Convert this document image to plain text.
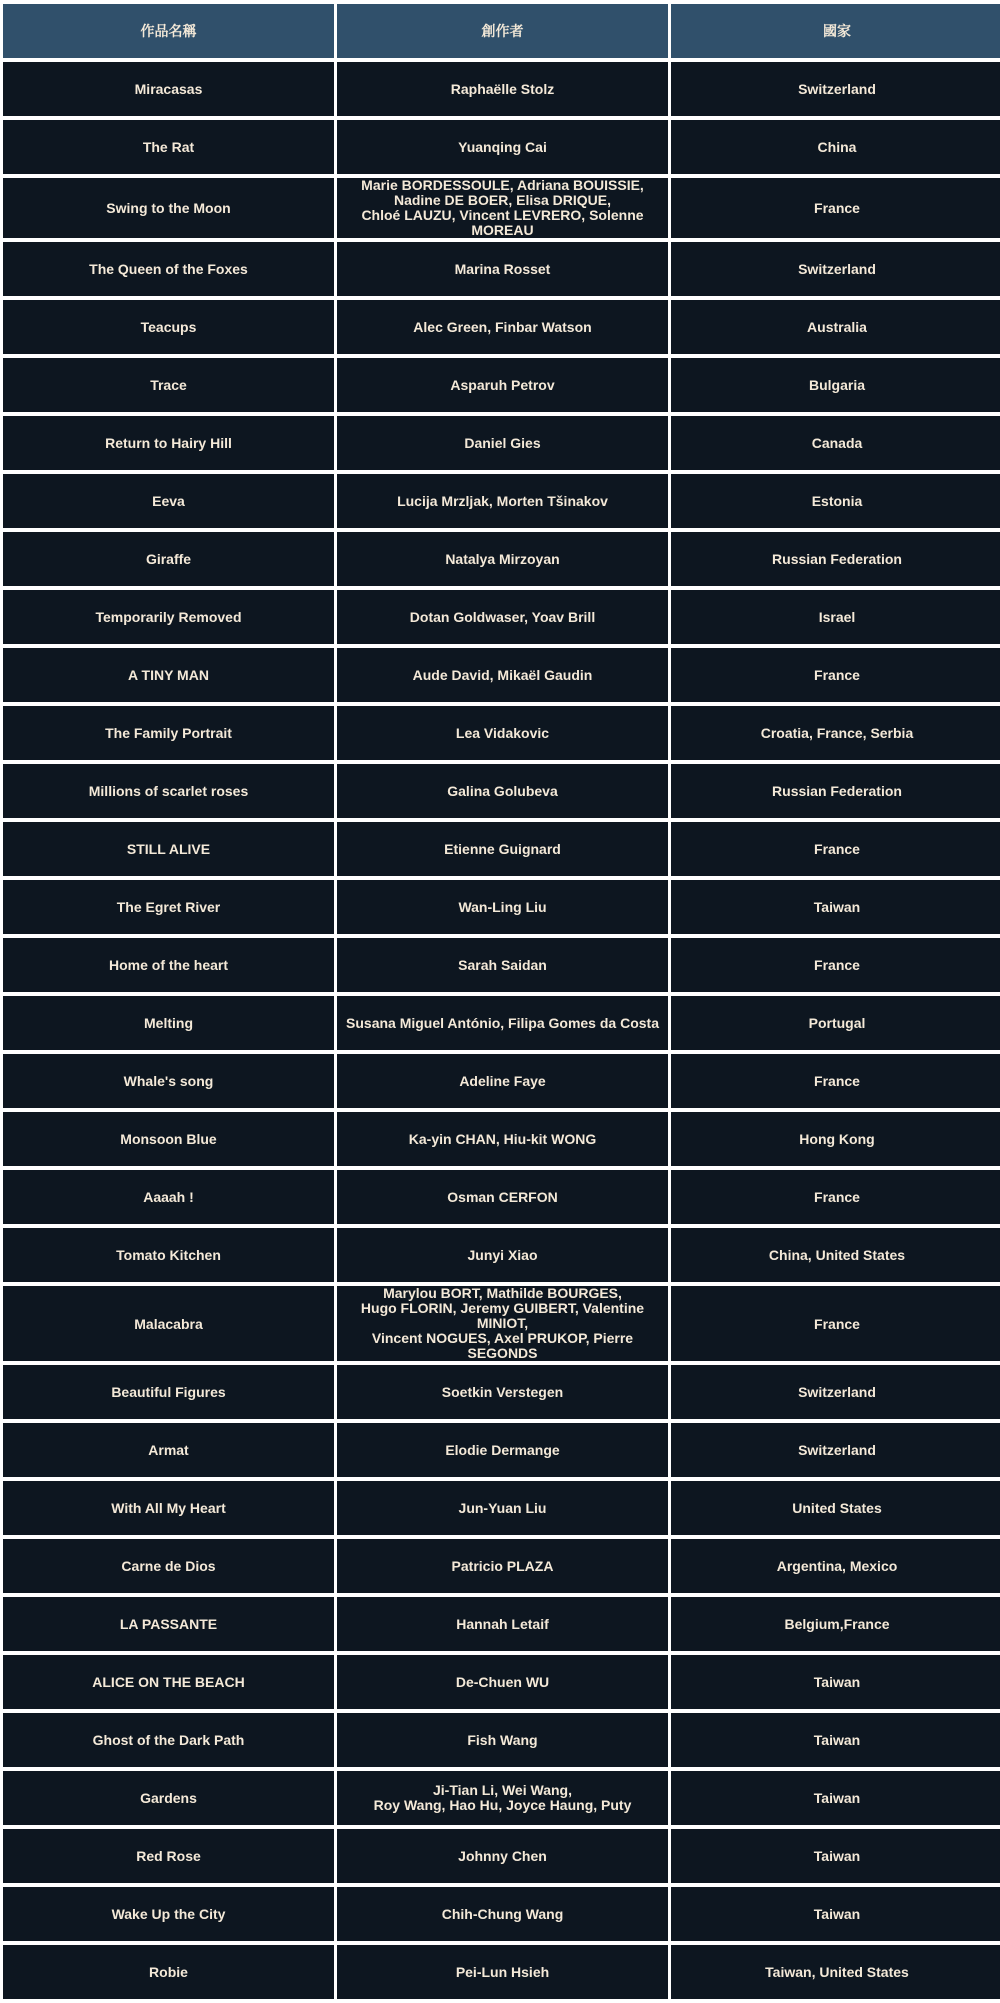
作品名稱	創作者	國家
Miracasas	Raphaëlle Stolz	Switzerland
The Rat	Yuanqing Cai	China
Swing to the Moon	Marie BORDESSOULE, Adriana BOUISSIE,
Nadine DE BOER, Elisa DRIQUE,
Chloé LAUZU, Vincent LEVRERO, Solenne MOREAU	France
The Queen of the Foxes	Marina Rosset	Switzerland
Teacups	Alec Green, Finbar Watson	Australia
Trace	Asparuh Petrov	Bulgaria
Return to Hairy Hill	Daniel Gies	Canada
Eeva	Lucija Mrzljak, Morten Tšinakov	Estonia
Giraffe	Natalya Mirzoyan	Russian Federation
Temporarily Removed	Dotan Goldwaser, Yoav Brill	Israel
A TINY MAN	Aude David, Mikaël Gaudin	France
The Family Portrait	Lea Vidakovic	Croatia, France, Serbia
Millions of scarlet roses	Galina Golubeva	Russian Federation
STILL ALIVE	Etienne Guignard	France
The Egret River	Wan-Ling Liu	Taiwan
Home of the heart	Sarah Saidan	France
Melting	Susana Miguel António, Filipa Gomes da Costa	Portugal
Whale's song	Adeline Faye	France
Monsoon Blue	Ka-yin CHAN, Hiu-kit WONG	Hong Kong
Aaaah !	Osman CERFON	France
Tomato Kitchen	Junyi Xiao	China, United States
Malacabra	Marylou BORT, Mathilde BOURGES,
Hugo FLORIN, Jeremy GUIBERT, Valentine MINIOT,
Vincent NOGUES, Axel PRUKOP, Pierre SEGONDS	France
Beautiful Figures	Soetkin Verstegen	Switzerland
Armat	Elodie Dermange	Switzerland
With All My Heart	Jun-Yuan Liu	United States
Carne de Dios	Patricio PLAZA	Argentina, Mexico
LA PASSANTE	Hannah Letaif	Belgium,France
ALICE ON THE BEACH	De-Chuen WU	Taiwan
Ghost of the Dark Path	Fish Wang	Taiwan
Gardens	Ji-Tian Li, Wei Wang,
Roy Wang, Hao Hu, Joyce Haung, Puty	Taiwan
Red Rose	Johnny Chen	Taiwan
Wake Up the City	Chih-Chung Wang	Taiwan
Robie	Pei-Lun Hsieh	Taiwan, United States
